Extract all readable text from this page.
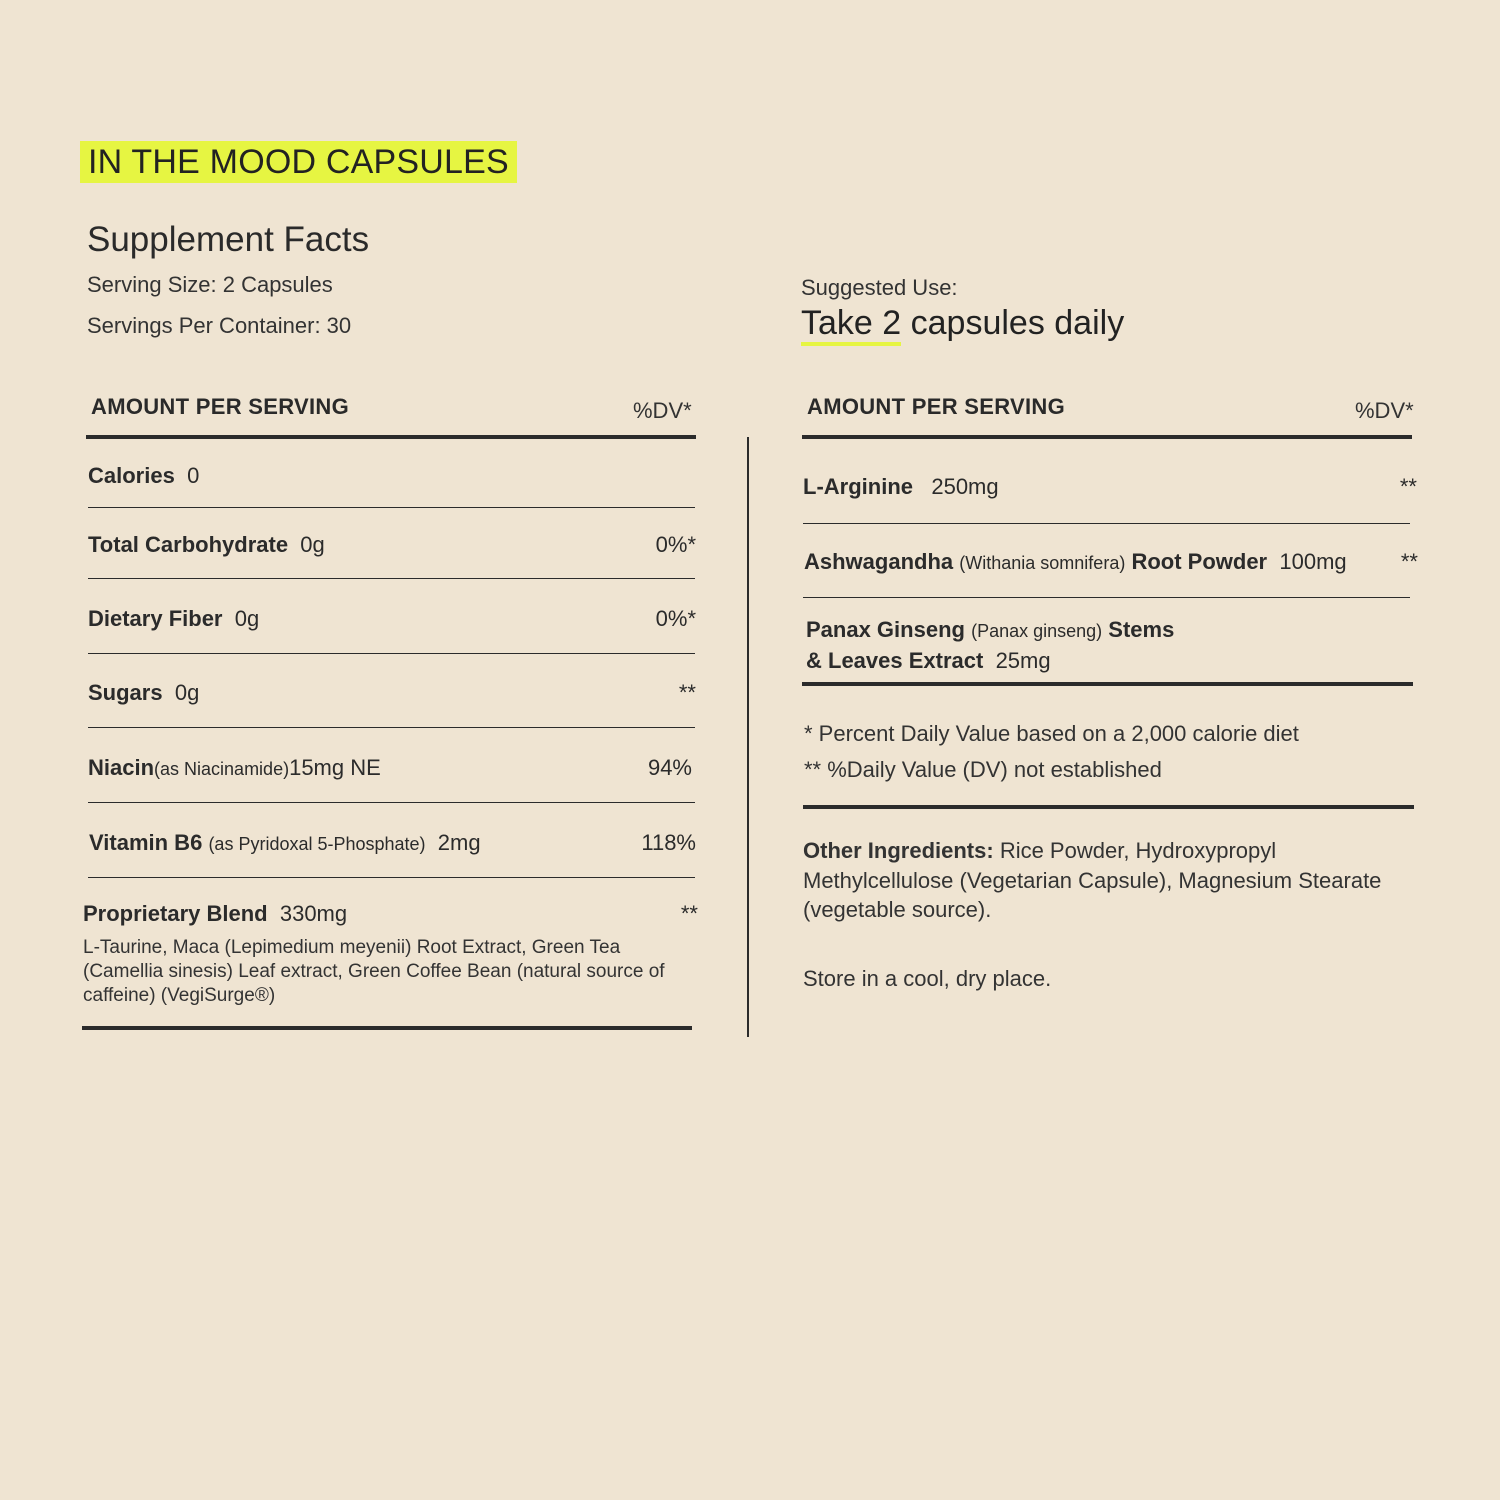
IN THE MOOD CAPSULES
Supplement Facts
Serving Size: 2 Capsules
Servings Per Container: 30
Suggested Use:
Take 2 capsules daily
AMOUNT PER SERVING	%DV*
Calories 0
Total Carbohydrate 0g	0%*
Dietary Fiber 0g	0%*
Sugars 0g	**
Niacin(as Niacinamide)15mg NE	94%
Vitamin B6 (as Pyridoxal 5-Phosphate) 2mg	118%
Proprietary Blend 330mg	**
L-Taurine, Maca (Lepimedium meyenii) Root Extract, Green Tea (Camellia sinesis) Leaf extract, Green Coffee Bean (natural source of caffeine) (VegiSurge®)
AMOUNT PER SERVING	%DV*
L-Arginine 250mg	**
Ashwagandha (Withania somnifera) Root Powder 100mg **
Panax Ginseng (Panax ginseng) Stems
& Leaves Extract 25mg
* Percent Daily Value based on a 2,000 calorie diet
** %Daily Value (DV) not established
Other Ingredients: Rice Powder, Hydroxypropyl Methylcellulose (Vegetarian Capsule), Magnesium Stearate (vegetable source).
Store in a cool, dry place.
